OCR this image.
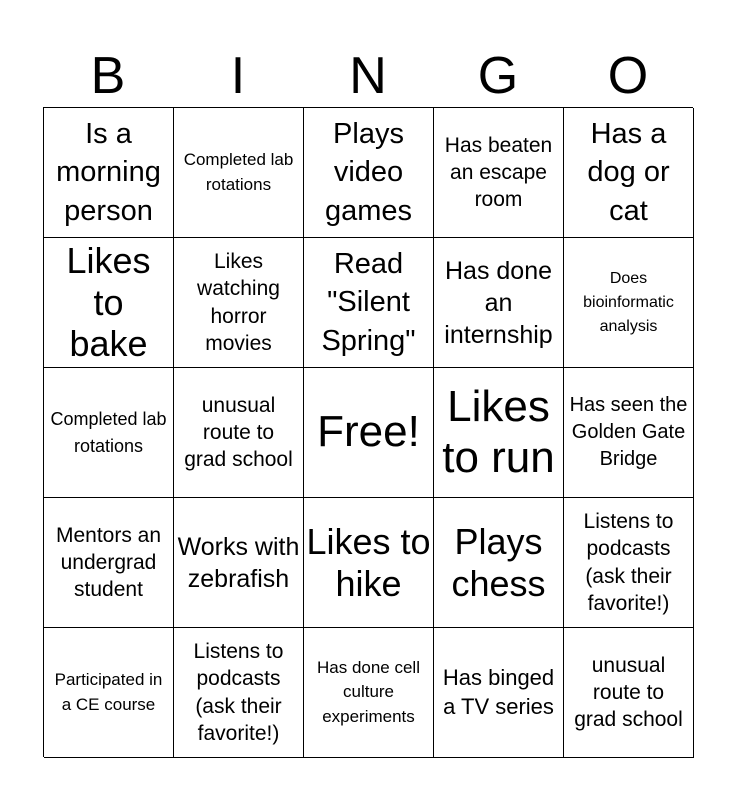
B	I	N	G	O
Is a morning person
Completed lab rotations
Plays video games
Has beaten an escape room
Has a dog or cat
Likes to bake
Likes watching horror movies
Read "Silent Spring"
Has done an internship
Does bioinformatic analysis
Completed lab rotations
unusual route to grad school
Free!
Likes to run
Has seen the Golden Gate Bridge
Mentors an undergrad student
Works with zebrafish
Likes to hike
Plays chess
Listens to podcasts (ask their favorite!)
Participated in a CE course
Listens to podcasts (ask their favorite!)
Has done cell culture experiments
Has binged a TV series
unusual route to grad school
